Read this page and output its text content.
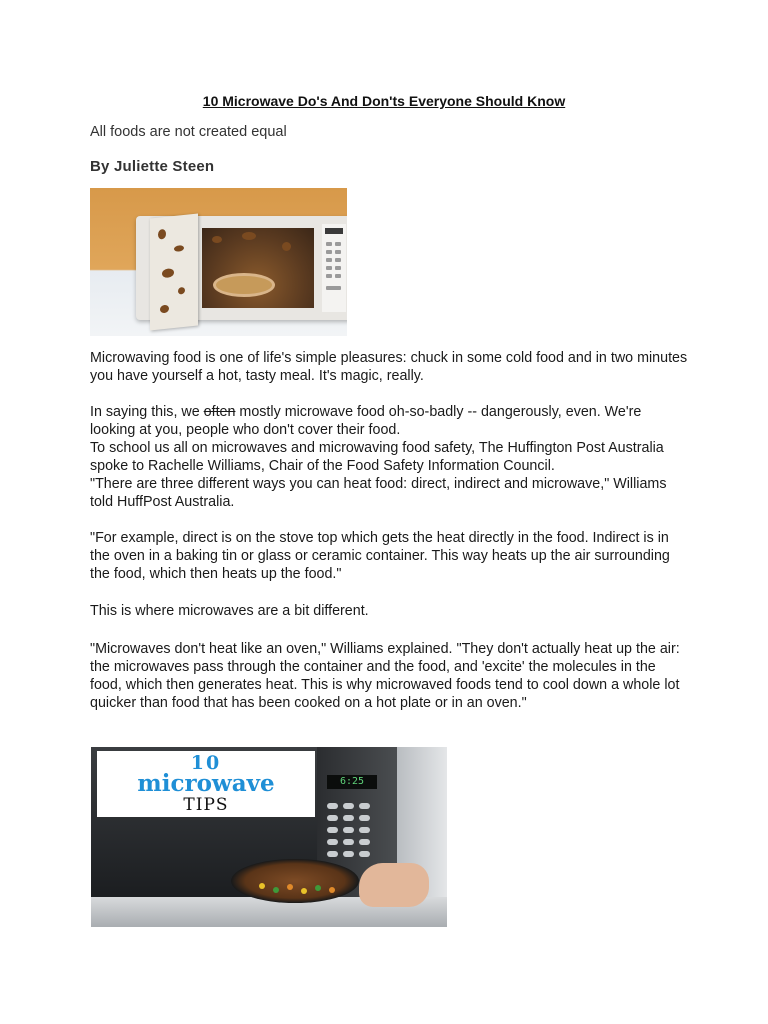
10 Microwave Do's And Don'ts Everyone Should Know
All foods are not created equal
By Juliette Steen

Microwaving food is one of life's simple pleasures: chuck in some cold food and in two minutes you have yourself a hot, tasty meal. It's magic, really.

In saying this, we often mostly microwave food oh-so-badly -- dangerously, even. We're looking at you, people who don't cover their food.

To school us all on microwaves and microwaving food safety, The Huffington Post Australia spoke to Rachelle Williams, Chair of the Food Safety Information Council.

"There are three different ways you can heat food: direct, indirect and microwave," Williams told HuffPost Australia.

"For example, direct is on the stove top which gets the heat directly in the food. Indirect is in the oven in a baking tin or glass or ceramic container. This way heats up the air surrounding the food, which then heats up the food."

This is where microwaves are a bit different.

"Microwaves don't heat like an oven," Williams explained. "They don't actually heat up the air: the microwaves pass through the container and the food, and 'excite' the molecules in the food, which then generates heat. This is why microwaved foods tend to cool down a whole lot quicker than food that has been cooked on a hot plate or in an oven."

6:25
10
microwave
TIPS
